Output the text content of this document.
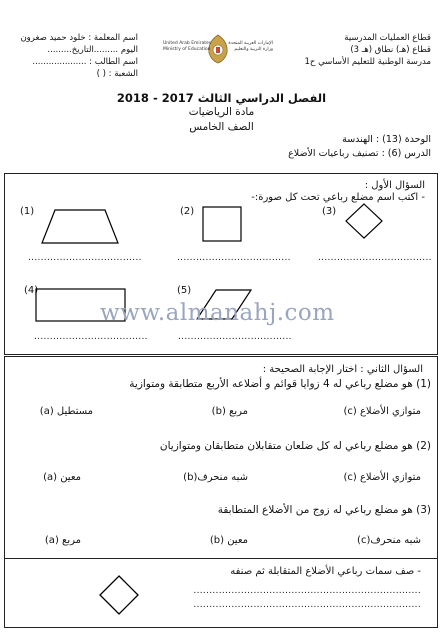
قطاع العمليات المدرسية
قطاع (هـ) نطاق (هـ 3)
مدرسة الوطنية للتعليم الأساسي ح1
اسم المعلمة : خلود حميد صغرون
اليوم .........التاريخ.........
اسم الطالب : ....................
الشعبة : ( )
United Arab Emirates
Ministry of Education
الإمارات العربية المتحدة
وزارة التربية والتعليم
الفصل الدراسي الثالث 2017 - 2018
مادة الرياضيات
الصف الخامس
الوحدة (13) : الهندسة
الدرس (6) : تصنيف رباعيات الأضلاع
السؤال الأول :
- اكتب اسم مضلع رباعي تحت كل صورة:-
(1)
....................................
(2)
....................................
(3)
....................................
(4)
....................................
(5)
....................................
www.almanahj.com
السؤال الثاني : اختار الإجابة الصحيحة :
(1) هو مضلع رباعي له 4 زوايا قوائم و أضلاعه الأربع متطابقة ومتوازية
متوازي الأضلاع (c)
مربع (b)
مستطيل (a)
(2) هو مضلع رباعي له كل ضلعان متقابلان متطابقان ومتوازيان
متوازي الأضلاع (c)
شبه منحرف(b)
معين (a)
(3) هو مضلع رباعي له زوج من الأضلاع المتطابقة
شبه منحرف(c)
معين (b)
مربع (a)
- صف سمات رباعي الأضلاع المتقابلة ثم صنفه
........................................................................
........................................................................
